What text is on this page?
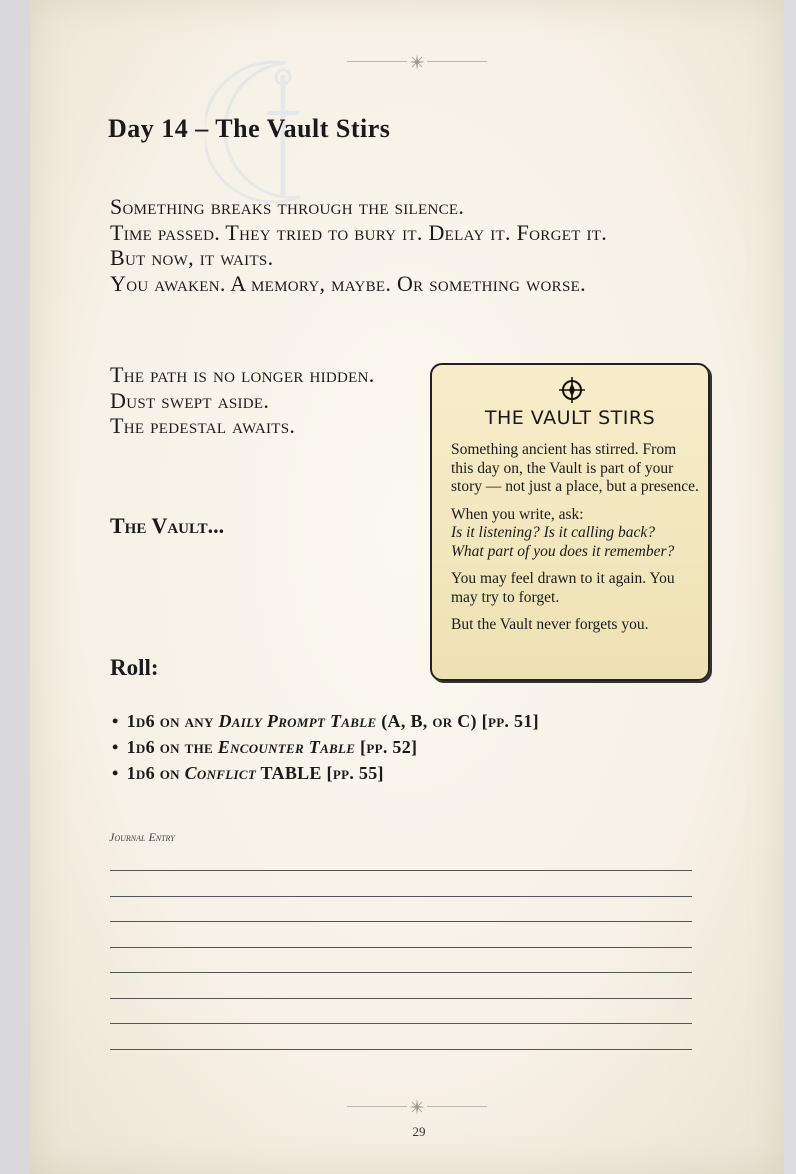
Day 14 – The Vault Stirs
Something breaks through the silence.
Time passed. They tried to bury it. Delay it. Forget it.
But now, it waits.
You awaken. A memory, maybe. Or something worse.
The path is no longer hidden.
Dust swept aside.
The pedestal awaits.
The Vault...
THE VAULT STIRS

Something ancient has stirred. From this day on, the Vault is part of your story — not just a place, but a presence.

When you write, ask:
Is it listening? Is it calling back?
What part of you does it remember?

You may feel drawn to it again. You may try to forget.

But the Vault never forgets you.

Roll:
• 1d6 on any Daily Prompt Table (A, B, or C) [pp. 51]
• 1d6 on the Encounter Table [pp. 52]
• 1d6 on Conflict TABLE [pp. 55]
Journal Entry
29
